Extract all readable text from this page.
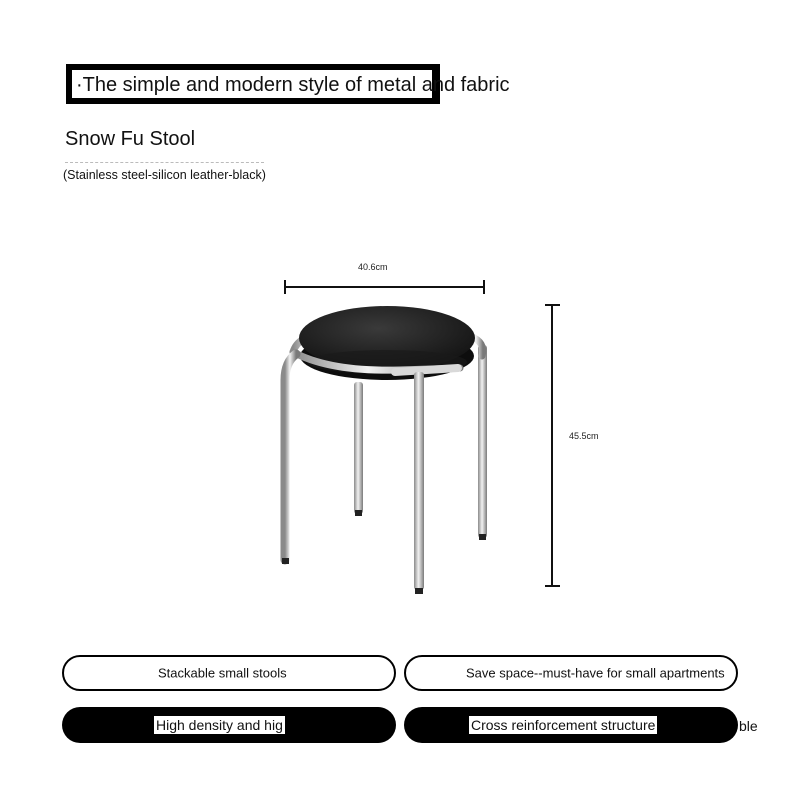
·The simple and modern style of metal and fabric
Snow Fu Stool
(Stainless steel-silicon leather-black)
40.6cm
45.5cm
Stackable small stools	Save space--must-have for small apartments
High density and hig	Cross reinforcement structure	ble
